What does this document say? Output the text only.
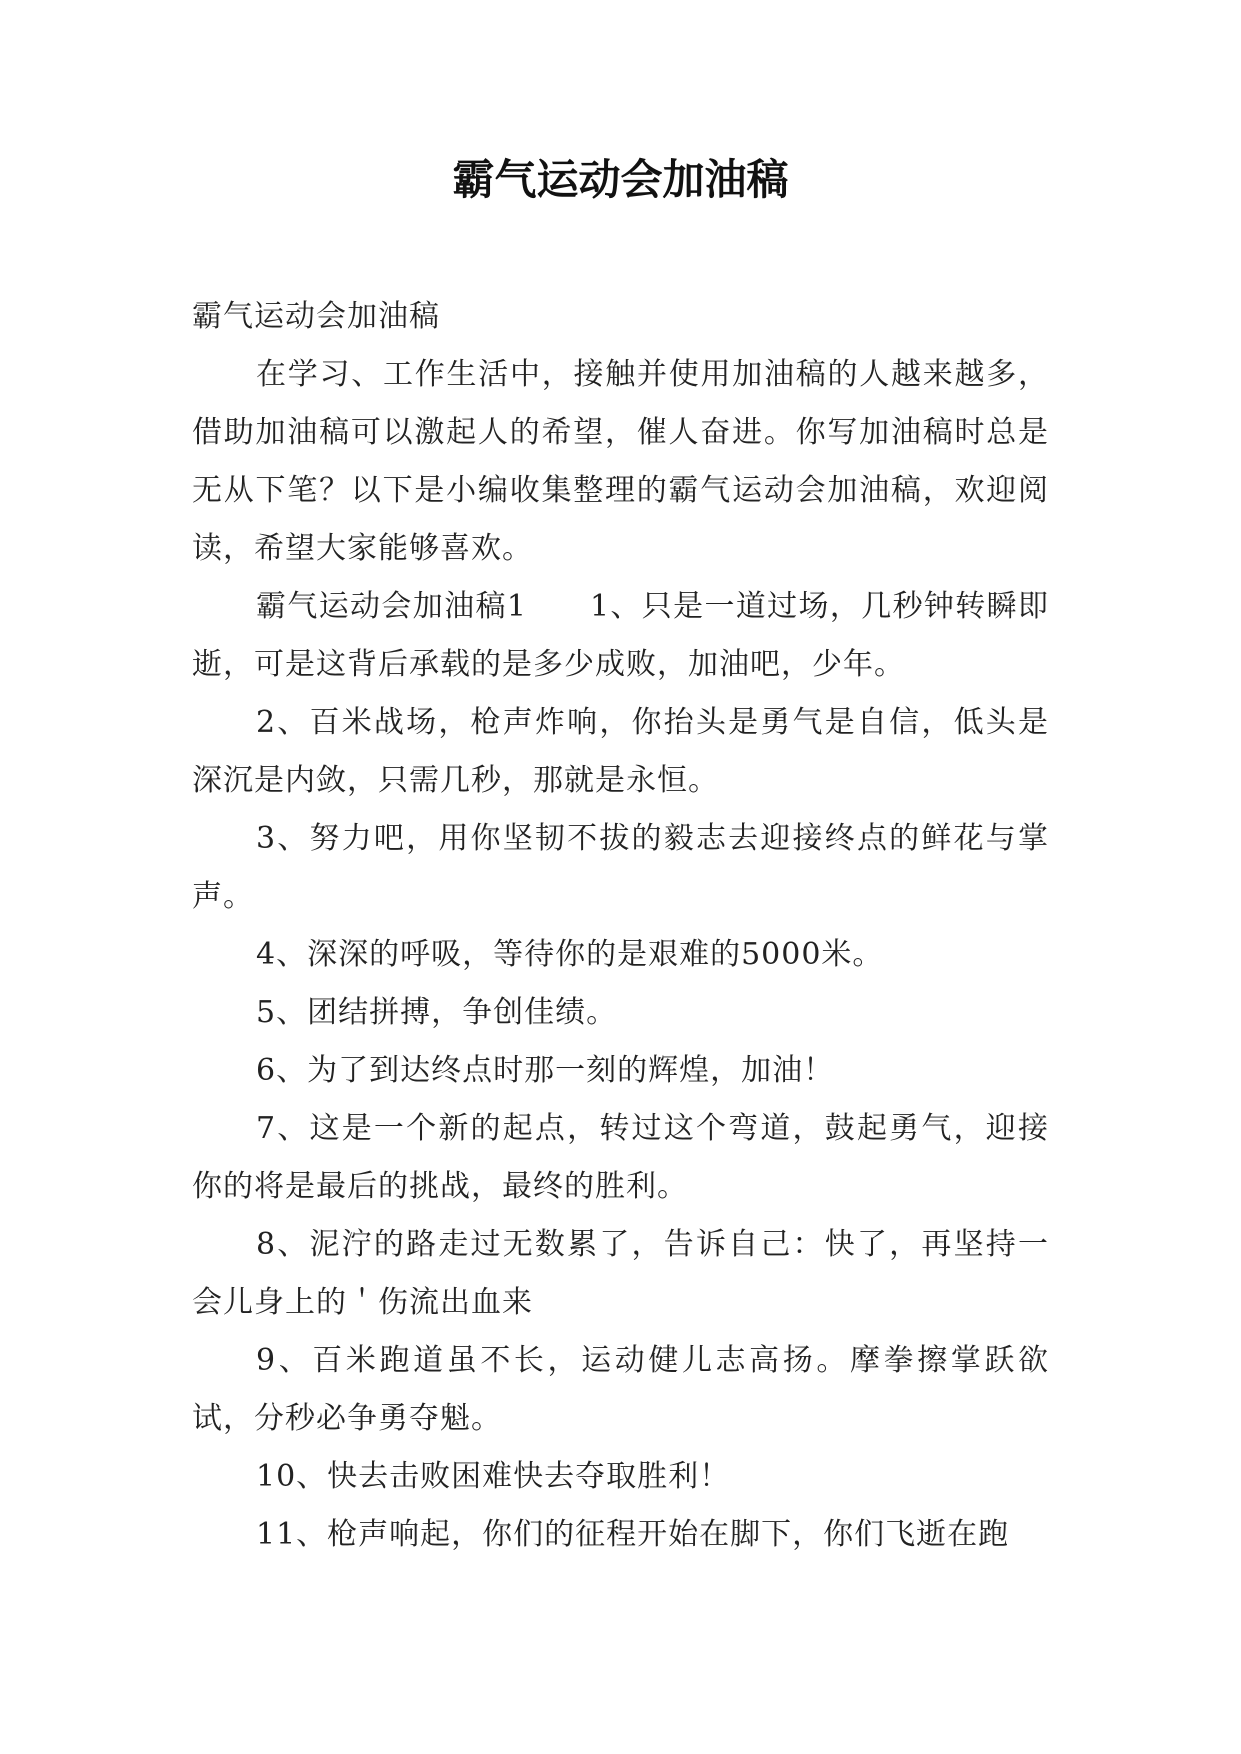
霸气运动会加油稿

霸气运动会加油稿

在学习、工作生活中，接触并使用加油稿的人越来越多，借助加油稿可以激起人的希望，催人奋进。你写加油稿时总是无从下笔？以下是小编收集整理的霸气运动会加油稿，欢迎阅读，希望大家能够喜欢。

霸气运动会加油稿1　　1、只是一道过场，几秒钟转瞬即逝，可是这背后承载的是多少成败，加油吧，少年。

2、百米战场，枪声炸响，你抬头是勇气是自信，低头是深沉是内敛，只需几秒，那就是永恒。

3、努力吧，用你坚韧不拔的毅志去迎接终点的鲜花与掌声。

4、深深的呼吸，等待你的是艰难的5000米。

5、团结拼搏，争创佳绩。

6、为了到达终点时那一刻的辉煌，加油！

7、这是一个新的起点，转过这个弯道，鼓起勇气，迎接你的将是最后的挑战，最终的胜利。

8、泥泞的路走过无数累了，告诉自己：快了，再坚持一会儿身上的＇伤流出血来

9、百米跑道虽不长，运动健儿志高扬。摩拳擦掌跃欲试，分秒必争勇夺魁。

10、快去击败困难快去夺取胜利！

11、枪声响起，你们的征程开始在脚下，你们飞逝在跑
